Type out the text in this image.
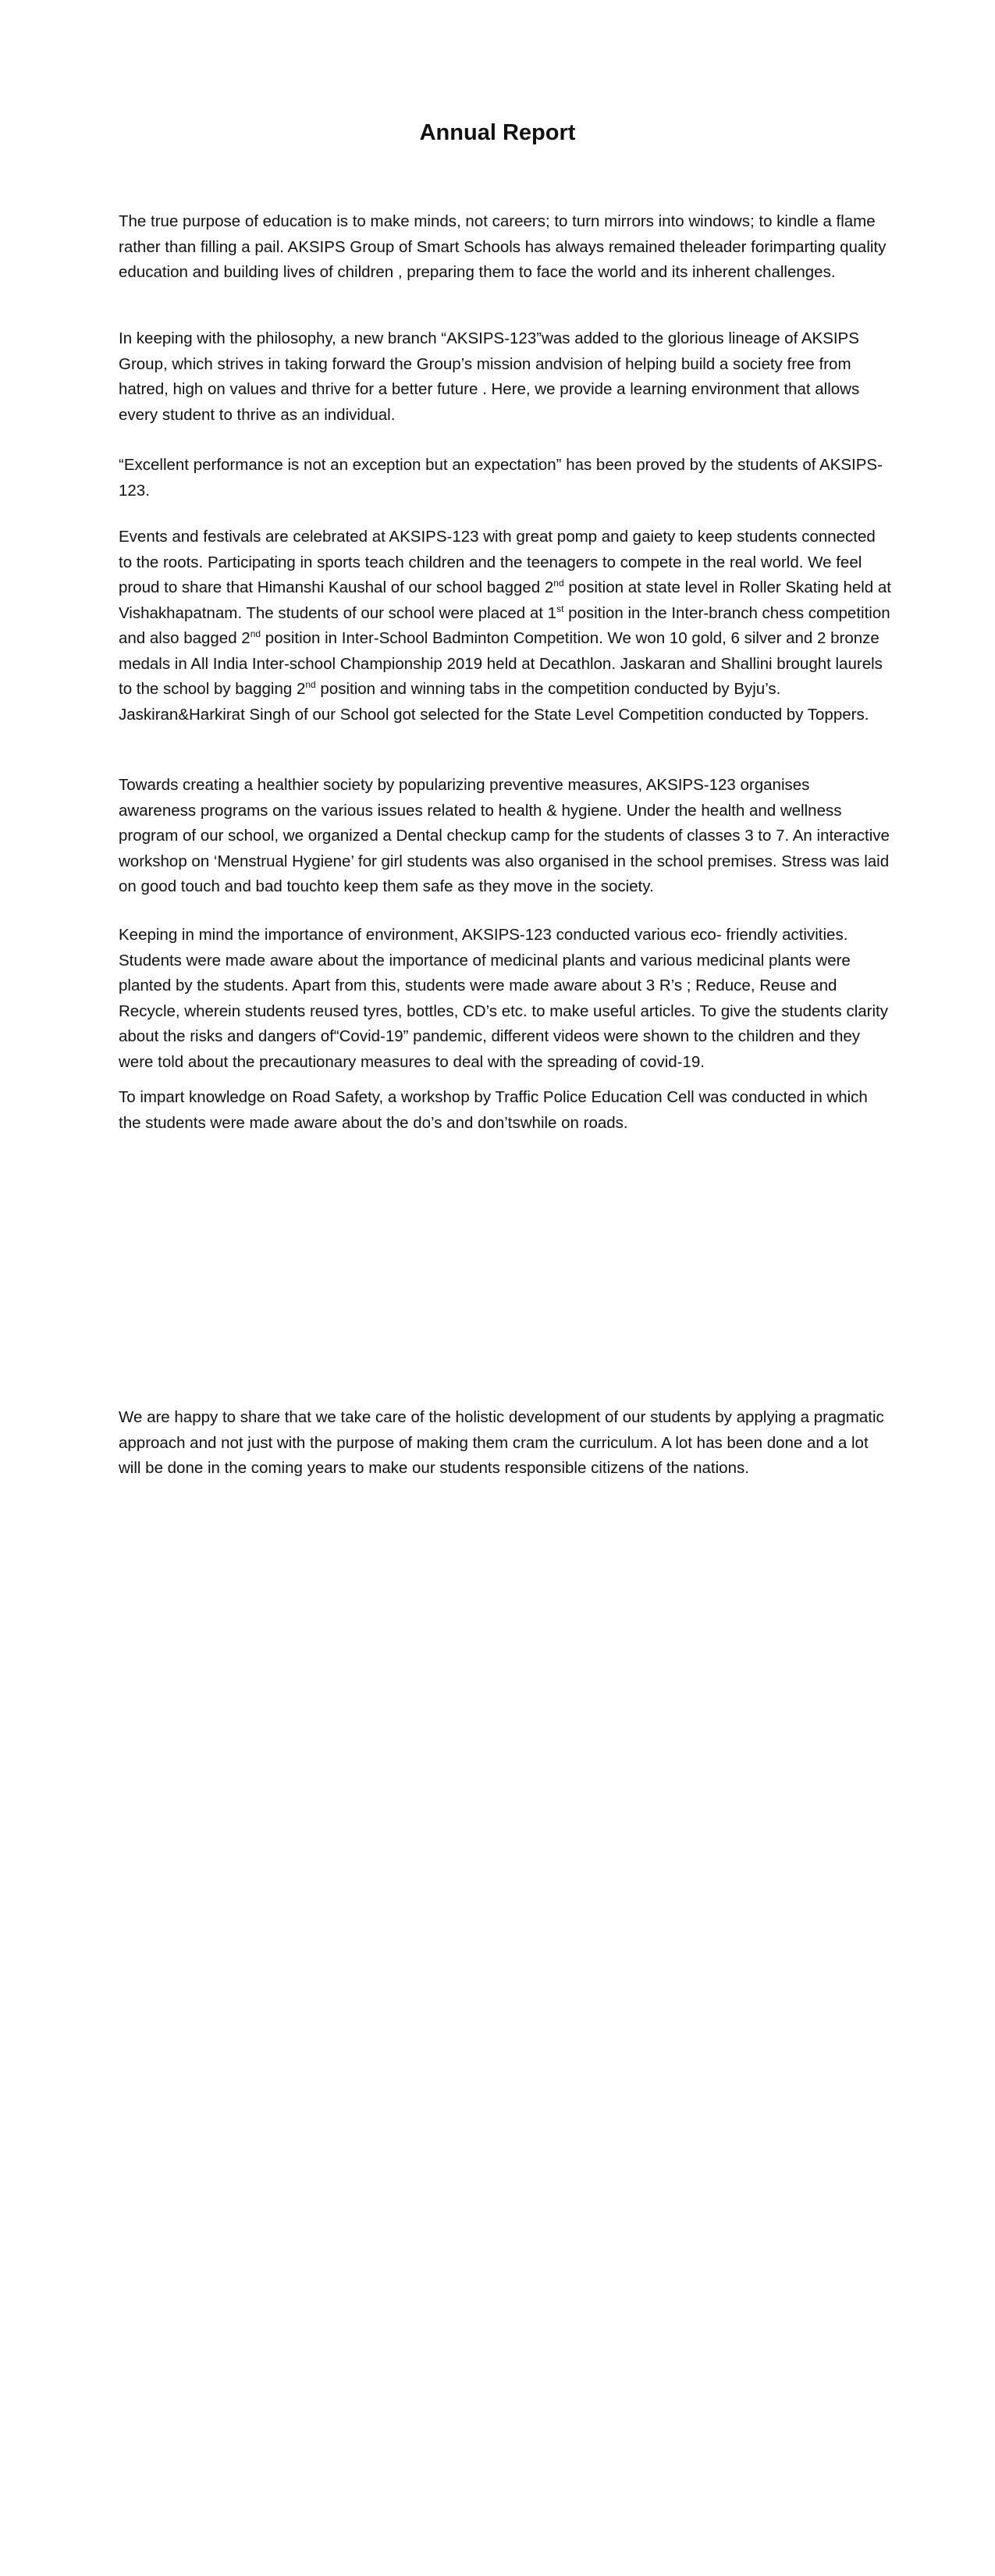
Annual Report

The true purpose of education is to make minds, not careers; to turn mirrors into windows; to kindle a flame rather than filling a pail. AKSIPS Group of Smart Schools has always remained theleader forimparting quality education and building lives of children , preparing them to face the world and its inherent challenges.

In keeping with the philosophy, a new branch “AKSIPS-123”was added to the glorious lineage of AKSIPS Group, which strives in taking forward the Group’s mission andvision of helping build a society free from hatred, high on values and thrive for a better future . Here, we provide a learning environment that allows every student to thrive as an individual.

“Excellent performance is not an exception but an expectation” has been proved by the students of AKSIPS-123.

Events and festivals are celebrated at AKSIPS-123 with great pomp and gaiety to keep students connected to the roots. Participating in sports teach children and the teenagers to compete in the real world. We feel proud to share that Himanshi Kaushal of our school bagged 2nd position at state level in Roller Skating held at Vishakhapatnam. The students of our school were placed at 1st position in the Inter-branch chess competition and also bagged 2nd position in Inter-School Badminton Competition. We won 10 gold, 6 silver and 2 bronze medals in All India Inter-school Championship 2019 held at Decathlon. Jaskaran and Shallini brought laurels to the school by bagging 2nd position and winning tabs in the competition conducted by Byju’s. Jaskiran&Harkirat Singh of our School got selected for the State Level Competition conducted by Toppers.

Towards creating a healthier society by popularizing preventive measures, AKSIPS-123 organises awareness programs on the various issues related to health & hygiene. Under the health and wellness program of our school, we organized a Dental checkup camp for the students of classes 3 to 7. An interactive workshop on ‘Menstrual Hygiene’ for girl students was also organised in the school premises. Stress was laid on good touch and bad touchto keep them safe as they move in the society.

Keeping in mind the importance of environment, AKSIPS-123 conducted various eco- friendly activities. Students were made aware about the importance of medicinal plants and various medicinal plants were planted by the students. Apart from this, students were made aware about 3 R’s ; Reduce, Reuse and Recycle, wherein students reused tyres, bottles, CD’s etc. to make useful articles. To give the students clarity about the risks and dangers of“Covid-19” pandemic, different videos were shown to the children and they were told about the precautionary measures to deal with the spreading of covid-19.

To impart knowledge on Road Safety, a workshop by Traffic Police Education Cell was conducted in which the students were made aware about the do’s and don’tswhile on roads.

We are happy to share that we take care of the holistic development of our students by applying a pragmatic approach and not just with the purpose of making them cram the curriculum. A lot has been done and a lot will be done in the coming years to make our students responsible citizens of the nations.
